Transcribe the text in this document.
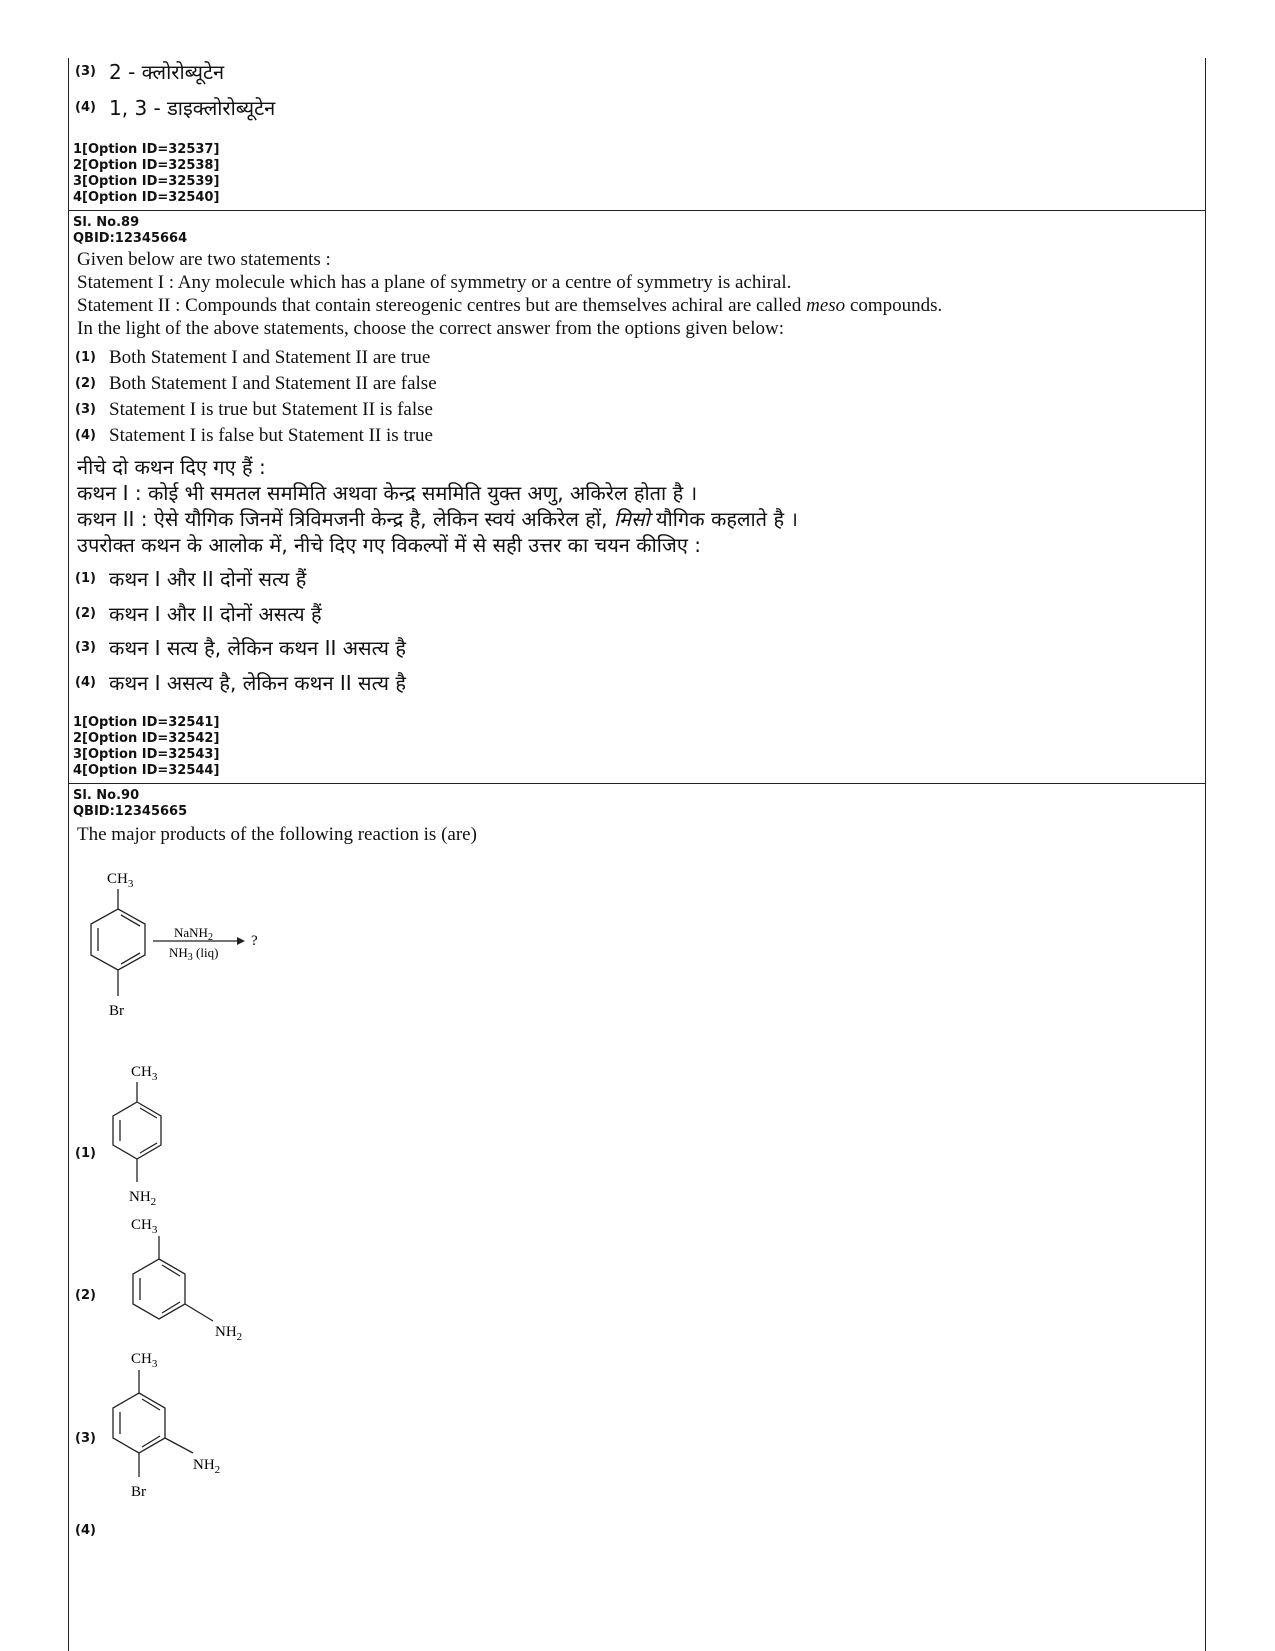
(3) 2 - क्लोरोब्यूटेन
(4) 1, 3 - डाइक्लोरोब्यूटेन
1[Option ID=32537]
2[Option ID=32538]
3[Option ID=32539]
4[Option ID=32540]
Sl. No.89
QBID:12345664
Given below are two statements :
Statement I : Any molecule which has a plane of symmetry or a centre of symmetry is achiral.
Statement II : Compounds that contain stereogenic centres but are themselves achiral are called meso compounds.
In the light of the above statements, choose the correct answer from the options given below:
(1) Both Statement I and Statement II are true
(2) Both Statement I and Statement II are false
(3) Statement I is true but Statement II is false
(4) Statement I is false but Statement II is true
नीचे दो कथन दिए गए हैं :
कथन I : कोई भी समतल सममिति अथवा केन्द्र सममिति युक्त अणु, अकिरेल होता है ।
कथन II : ऐसे यौगिक जिनमें त्रिविमजनी केन्द्र है, लेकिन स्वयं अकिरेल हों, मिसो यौगिक कहलाते है ।
उपरोक्त कथन के आलोक में, नीचे दिए गए विकल्पों में से सही उत्तर का चयन कीजिए :
(1) कथन I और II दोनों सत्य हैं
(2) कथन I और II दोनों असत्य हैं
(3) कथन I सत्य है, लेकिन कथन II असत्य है
(4) कथन I असत्य है, लेकिन कथन II सत्य है
1[Option ID=32541]
2[Option ID=32542]
3[Option ID=32543]
4[Option ID=32544]
Sl. No.90
QBID:12345665
The major products of the following reaction is (are)
$CH_3$
Br
NaNH$_2$
$NH_3$ (liq)
?
(1)
$CH_3$
$NH_2$
(2)
$CH_3$
$NH_2$
(3)
$CH_3$
$NH_2$
Br
(4)
